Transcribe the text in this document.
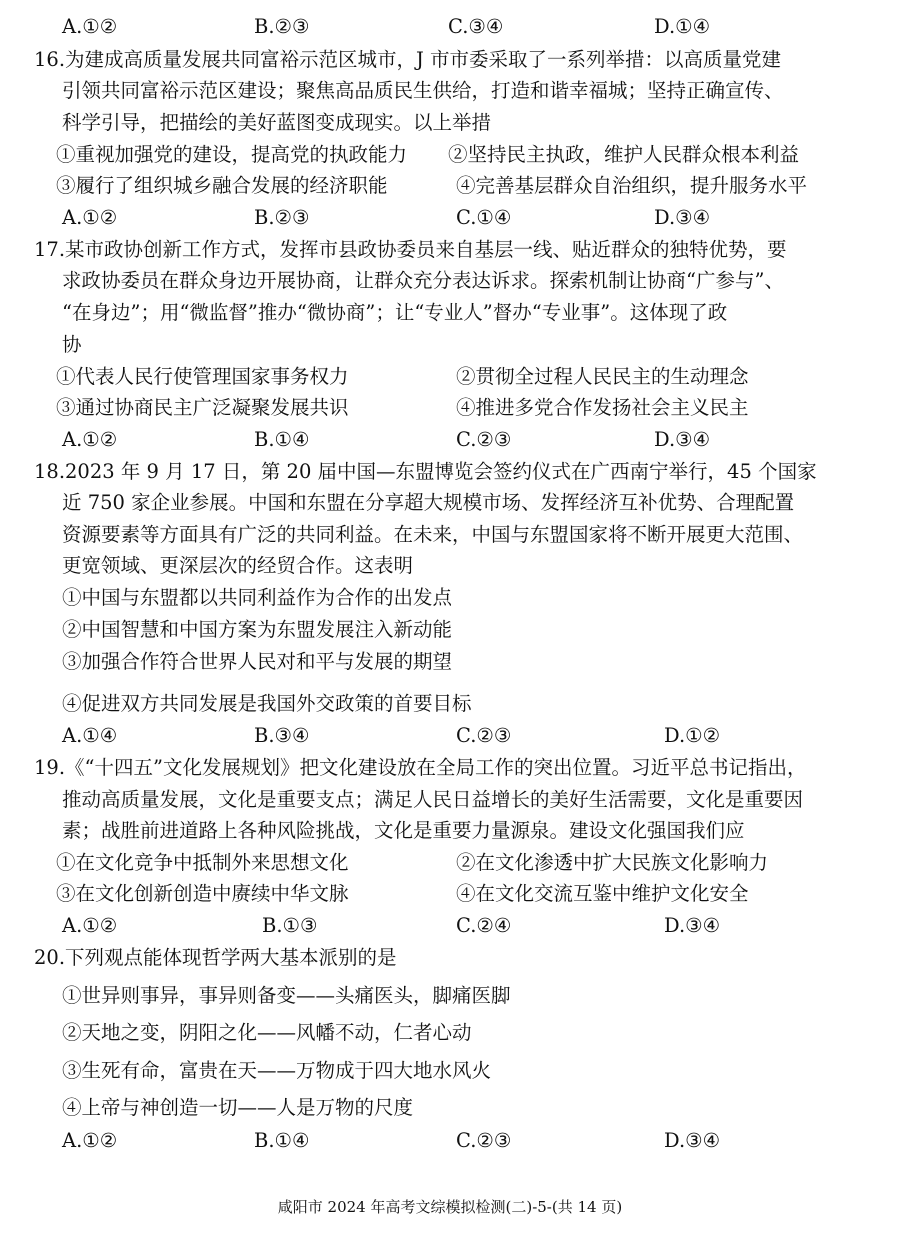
A.①②	B.②③	C.③④	D.①④
16.为建成高质量发展共同富裕示范区城市，J 市市委采取了一系列举措：以高质量党建
引领共同富裕示范区建设；聚焦高品质民生供给，打造和谐幸福城；坚持正确宣传、
科学引导，把描绘的美好蓝图变成现实。以上举措
①重视加强党的建设，提高党的执政能力 ②坚持民主执政，维护人民群众根本利益
③履行了组织城乡融合发展的经济职能	④完善基层群众自治组织，提升服务水平
A.①②	B.②③	C.①④	D.③④
17.某市政协创新工作方式，发挥市县政协委员来自基层一线、贴近群众的独特优势，要
求政协委员在群众身边开展协商，让群众充分表达诉求。探索机制让协商“广参与”、
“在身边”；用“微监督”推办“微协商”；让“专业人”督办“专业事”。这体现了政
协
①代表人民行使管理国家事务权力	②贯彻全过程人民民主的生动理念
③通过协商民主广泛凝聚发展共识	④推进多党合作发扬社会主义民主
A.①②	B.①④	C.②③	D.③④
18.2023 年 9 月 17 日，第 20 届中国—东盟博览会签约仪式在广西南宁举行，45 个国家
近 750 家企业参展。中国和东盟在分享超大规模市场、发挥经济互补优势、合理配置
资源要素等方面具有广泛的共同利益。在未来，中国与东盟国家将不断开展更大范围、
更宽领域、更深层次的经贸合作。这表明
①中国与东盟都以共同利益作为合作的出发点
②中国智慧和中国方案为东盟发展注入新动能
③加强合作符合世界人民对和平与发展的期望
④促进双方共同发展是我国外交政策的首要目标
A.①④	B.③④	C.②③	D.①②
19.《“十四五”文化发展规划》把文化建设放在全局工作的突出位置。习近平总书记指出，
推动高质量发展，文化是重要支点；满足人民日益增长的美好生活需要，文化是重要因
素；战胜前进道路上各种风险挑战，文化是重要力量源泉。建设文化强国我们应
①在文化竞争中抵制外来思想文化	②在文化渗透中扩大民族文化影响力
③在文化创新创造中赓续中华文脉	④在文化交流互鉴中维护文化安全
A.①②	B.①③	C.②④	D.③④
20.下列观点能体现哲学两大基本派别的是
①世异则事异，事异则备变——头痛医头，脚痛医脚
②天地之变，阴阳之化——风幡不动，仁者心动
③生死有命，富贵在天——万物成于四大地水风火
④上帝与神创造一切——人是万物的尺度
A.①②	B.①④	C.②③	D.③④
咸阳市 2024 年高考文综模拟检测(二)-5-(共 14 页)
